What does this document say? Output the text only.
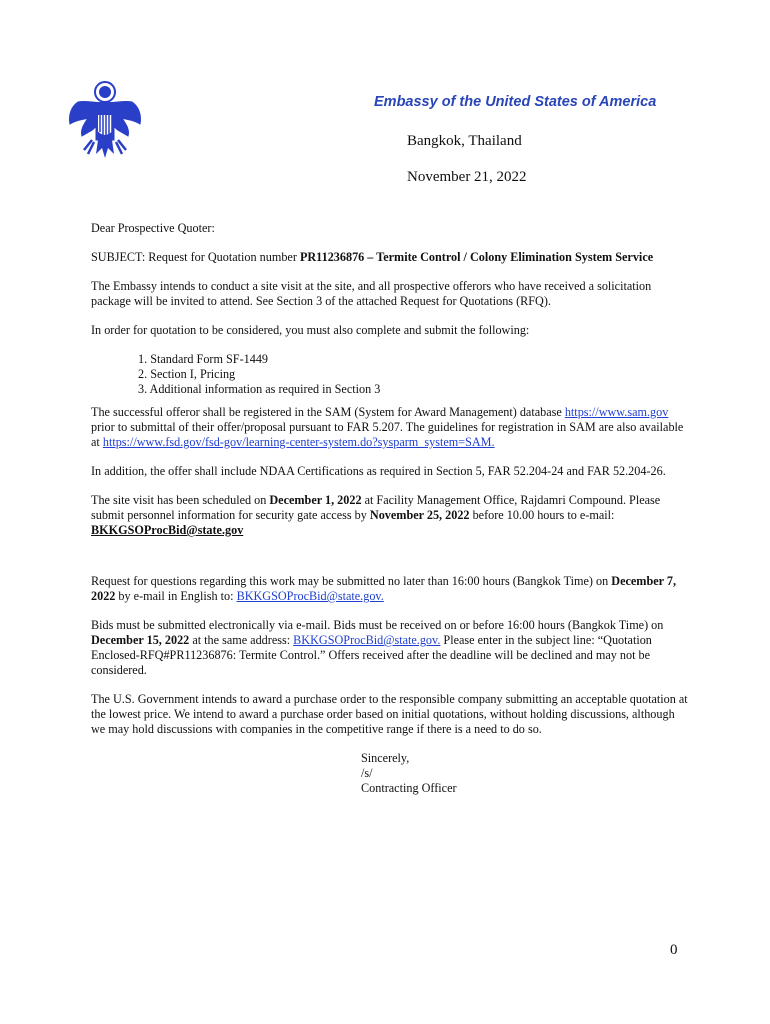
Embassy of the United States of America
Bangkok, Thailand
November 21, 2022

Dear Prospective Quoter:

SUBJECT: Request for Quotation number PR11236876 – Termite Control / Colony Elimination System Service

The Embassy intends to conduct a site visit at the site, and all prospective offerors who have received a solicitation package will be invited to attend. See Section 3 of the attached Request for Quotations (RFQ).

In order for quotation to be considered, you must also complete and submit the following:

1. Standard Form SF-1449
2. Section I, Pricing
3. Additional information as required in Section 3

The successful offeror shall be registered in the SAM (System for Award Management) database https://www.sam.gov prior to submittal of their offer/proposal pursuant to FAR 5.207. The guidelines for registration in SAM are also available at https://www.fsd.gov/fsd-gov/learning-center-system.do?sysparm_system=SAM.

In addition, the offer shall include NDAA Certifications as required in Section 5, FAR 52.204-24 and FAR 52.204-26.

The site visit has been scheduled on December 1, 2022 at Facility Management Office, Rajdamri Compound. Please submit personnel information for security gate access by November 25, 2022 before 10.00 hours to e-mail: BKKGSOProcBid@state.gov

Request for questions regarding this work may be submitted no later than 16:00 hours (Bangkok Time) on December 7, 2022 by e-mail in English to: BKKGSOProcBid@state.gov.

Bids must be submitted electronically via e-mail. Bids must be received on or before 16:00 hours (Bangkok Time) on December 15, 2022 at the same address: BKKGSOProcBid@state.gov. Please enter in the subject line: “Quotation Enclosed-RFQ#PR11236876: Termite Control.” Offers received after the deadline will be declined and may not be considered.

The U.S. Government intends to award a purchase order to the responsible company submitting an acceptable quotation at the lowest price. We intend to award a purchase order based on initial quotations, without holding discussions, although we may hold discussions with companies in the competitive range if there is a need to do so.

Sincerely,

/s/

Contracting Officer

0
